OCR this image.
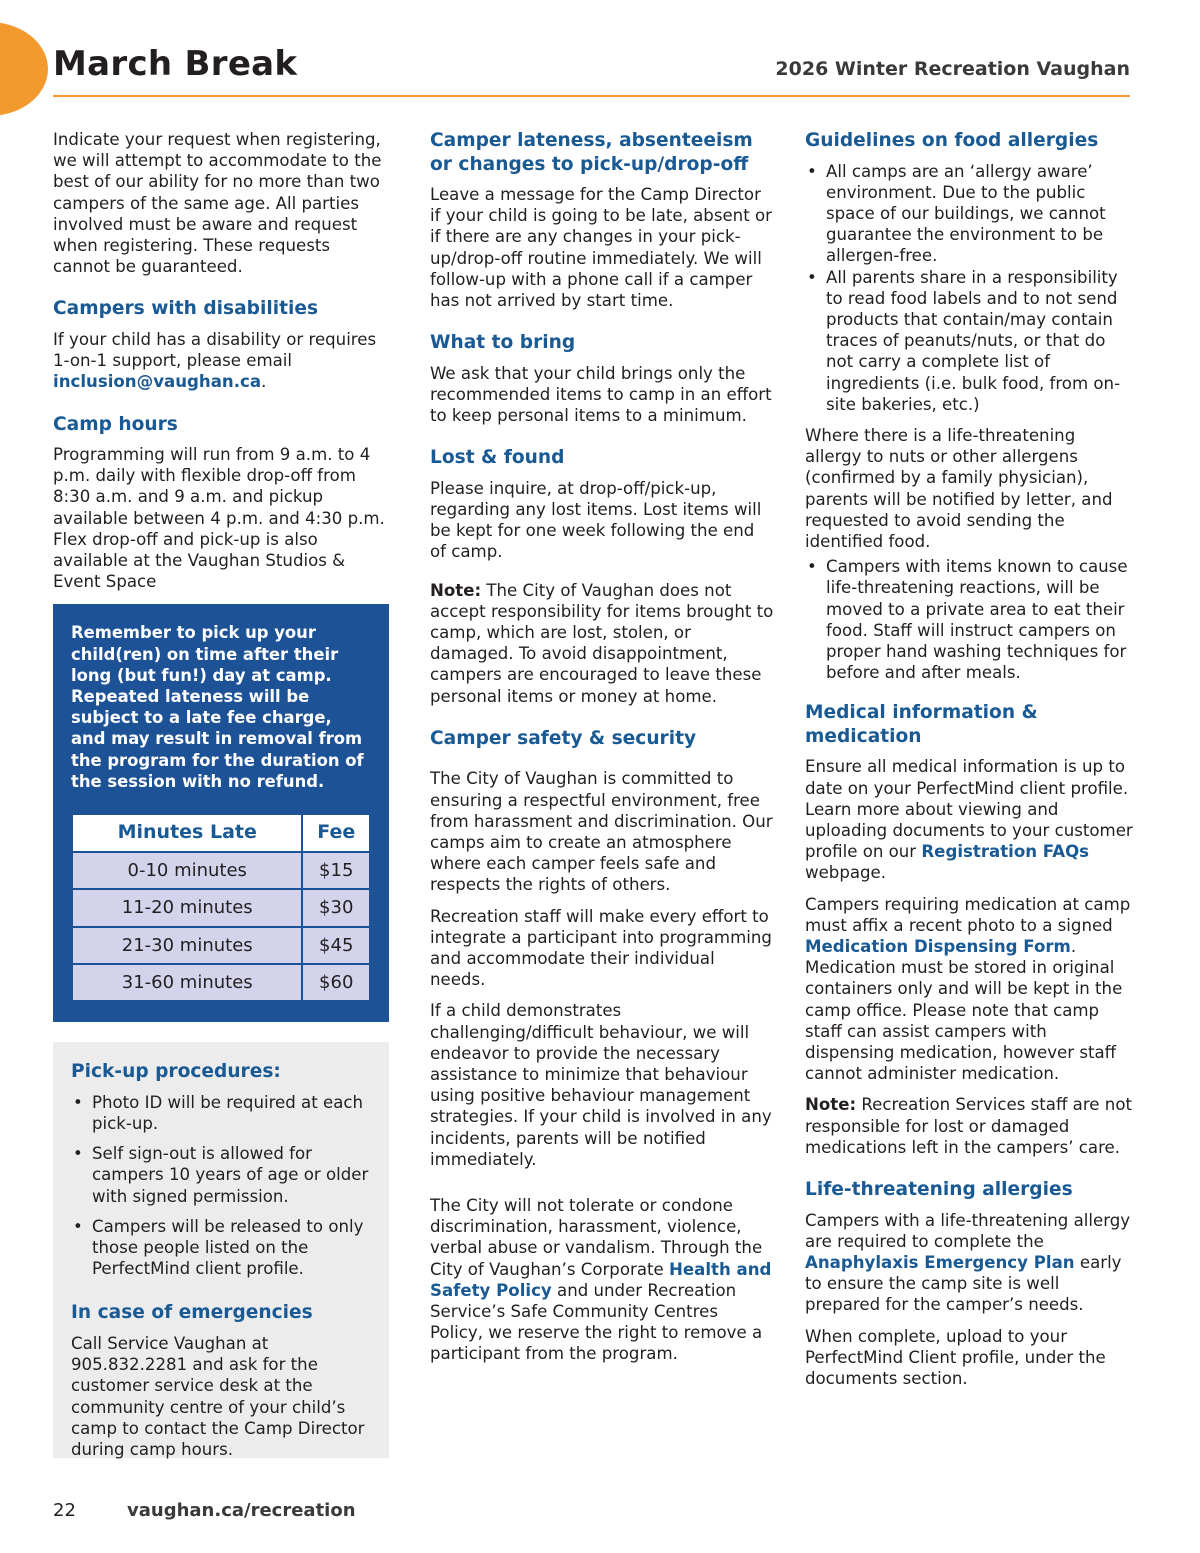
March Break	2026 Winter Recreation Vaughan

Indicate your request when registering, we will attempt to accommodate to the best of our ability for no more than two campers of the same age. All parties involved must be aware and request when registering. These requests cannot be guaranteed.

Campers with disabilities

If your child has a disability or requires 1-on-1 support, please email inclusion@vaughan.ca.

Camp hours

Programming will run from 9 a.m. to 4 p.m. daily with flexible drop-off from 8:30 a.m. and 9 a.m. and pickup available between 4 p.m. and 4:30 p.m. Flex drop-off and pick-up is also available at the Vaughan Studios & Event Space

Remember to pick up your child(ren) on time after their long (but fun!) day at camp. Repeated lateness will be subject to a late fee charge, and may result in removal from the program for the duration of the session with no refund.
Minutes Late	Fee
0-10 minutes	$15
11-20 minutes	$30
21-30 minutes	$45
31-60 minutes	$60
Pick-up procedures:
• Photo ID will be required at each pick-up.
• Self sign-out is allowed for campers 10 years of age or older with signed permission.
• Campers will be released to only those people listed on the PerfectMind client profile.
In case of emergencies

Call Service Vaughan at 905.832.2281 and ask for the customer service desk at the community centre of your child’s camp to contact the Camp Director during camp hours.

Camper lateness, absenteeism or changes to pick-up/drop-off

Leave a message for the Camp Director if your child is going to be late, absent or if there are any changes in your pick-up/drop-off routine immediately. We will follow-up with a phone call if a camper has not arrived by start time.

What to bring

We ask that your child brings only the recommended items to camp in an effort to keep personal items to a minimum.

Lost & found

Please inquire, at drop-off/pick-up, regarding any lost items. Lost items will be kept for one week following the end of camp.

Note: The City of Vaughan does not accept responsibility for items brought to camp, which are lost, stolen, or damaged. To avoid disappointment, campers are encouraged to leave these personal items or money at home.

Camper safety & security

The City of Vaughan is committed to ensuring a respectful environment, free from harassment and discrimination. Our camps aim to create an atmosphere where each camper feels safe and respects the rights of others.

Recreation staff will make every effort to integrate a participant into programming and accommodate their individual needs.

If a child demonstrates challenging/difficult behaviour, we will endeavor to provide the necessary assistance to minimize that behaviour using positive behaviour management strategies. If your child is involved in any incidents, parents will be notified immediately.

The City will not tolerate or condone discrimination, harassment, violence, verbal abuse or vandalism. Through the City of Vaughan’s Corporate Health and Safety Policy and under Recreation Service’s Safe Community Centres Policy, we reserve the right to remove a participant from the program.

Guidelines on food allergies
• All camps are an ‘allergy aware’ environment. Due to the public space of our buildings, we cannot guarantee the environment to be allergen-free.
• All parents share in a responsibility to read food labels and to not send products that contain/may contain traces of peanuts/nuts, or that do not carry a complete list of ingredients (i.e. bulk food, from on-site bakeries, etc.)

Where there is a life-threatening allergy to nuts or other allergens (confirmed by a family physician), parents will be notified by letter, and requested to avoid sending the identified food.

• Campers with items known to cause life-threatening reactions, will be moved to a private area to eat their food. Staff will instruct campers on proper hand washing techniques for before and after meals.
Medical information & medication

Ensure all medical information is up to date on your PerfectMind client profile. Learn more about viewing and uploading documents to your customer profile on our Registration FAQs webpage.

Campers requiring medication at camp must affix a recent photo to a signed Medication Dispensing Form. Medication must be stored in original containers only and will be kept in the camp office. Please note that camp staff can assist campers with dispensing medication, however staff cannot administer medication.

Note: Recreation Services staff are not responsible for lost or damaged medications left in the campers’ care.

Life-threatening allergies

Campers with a life-threatening allergy are required to complete the Anaphylaxis Emergency Plan early to ensure the camp site is well prepared for the camper’s needs.

When complete, upload to your PerfectMind Client profile, under the documents section.

22	vaughan.ca/recreation
